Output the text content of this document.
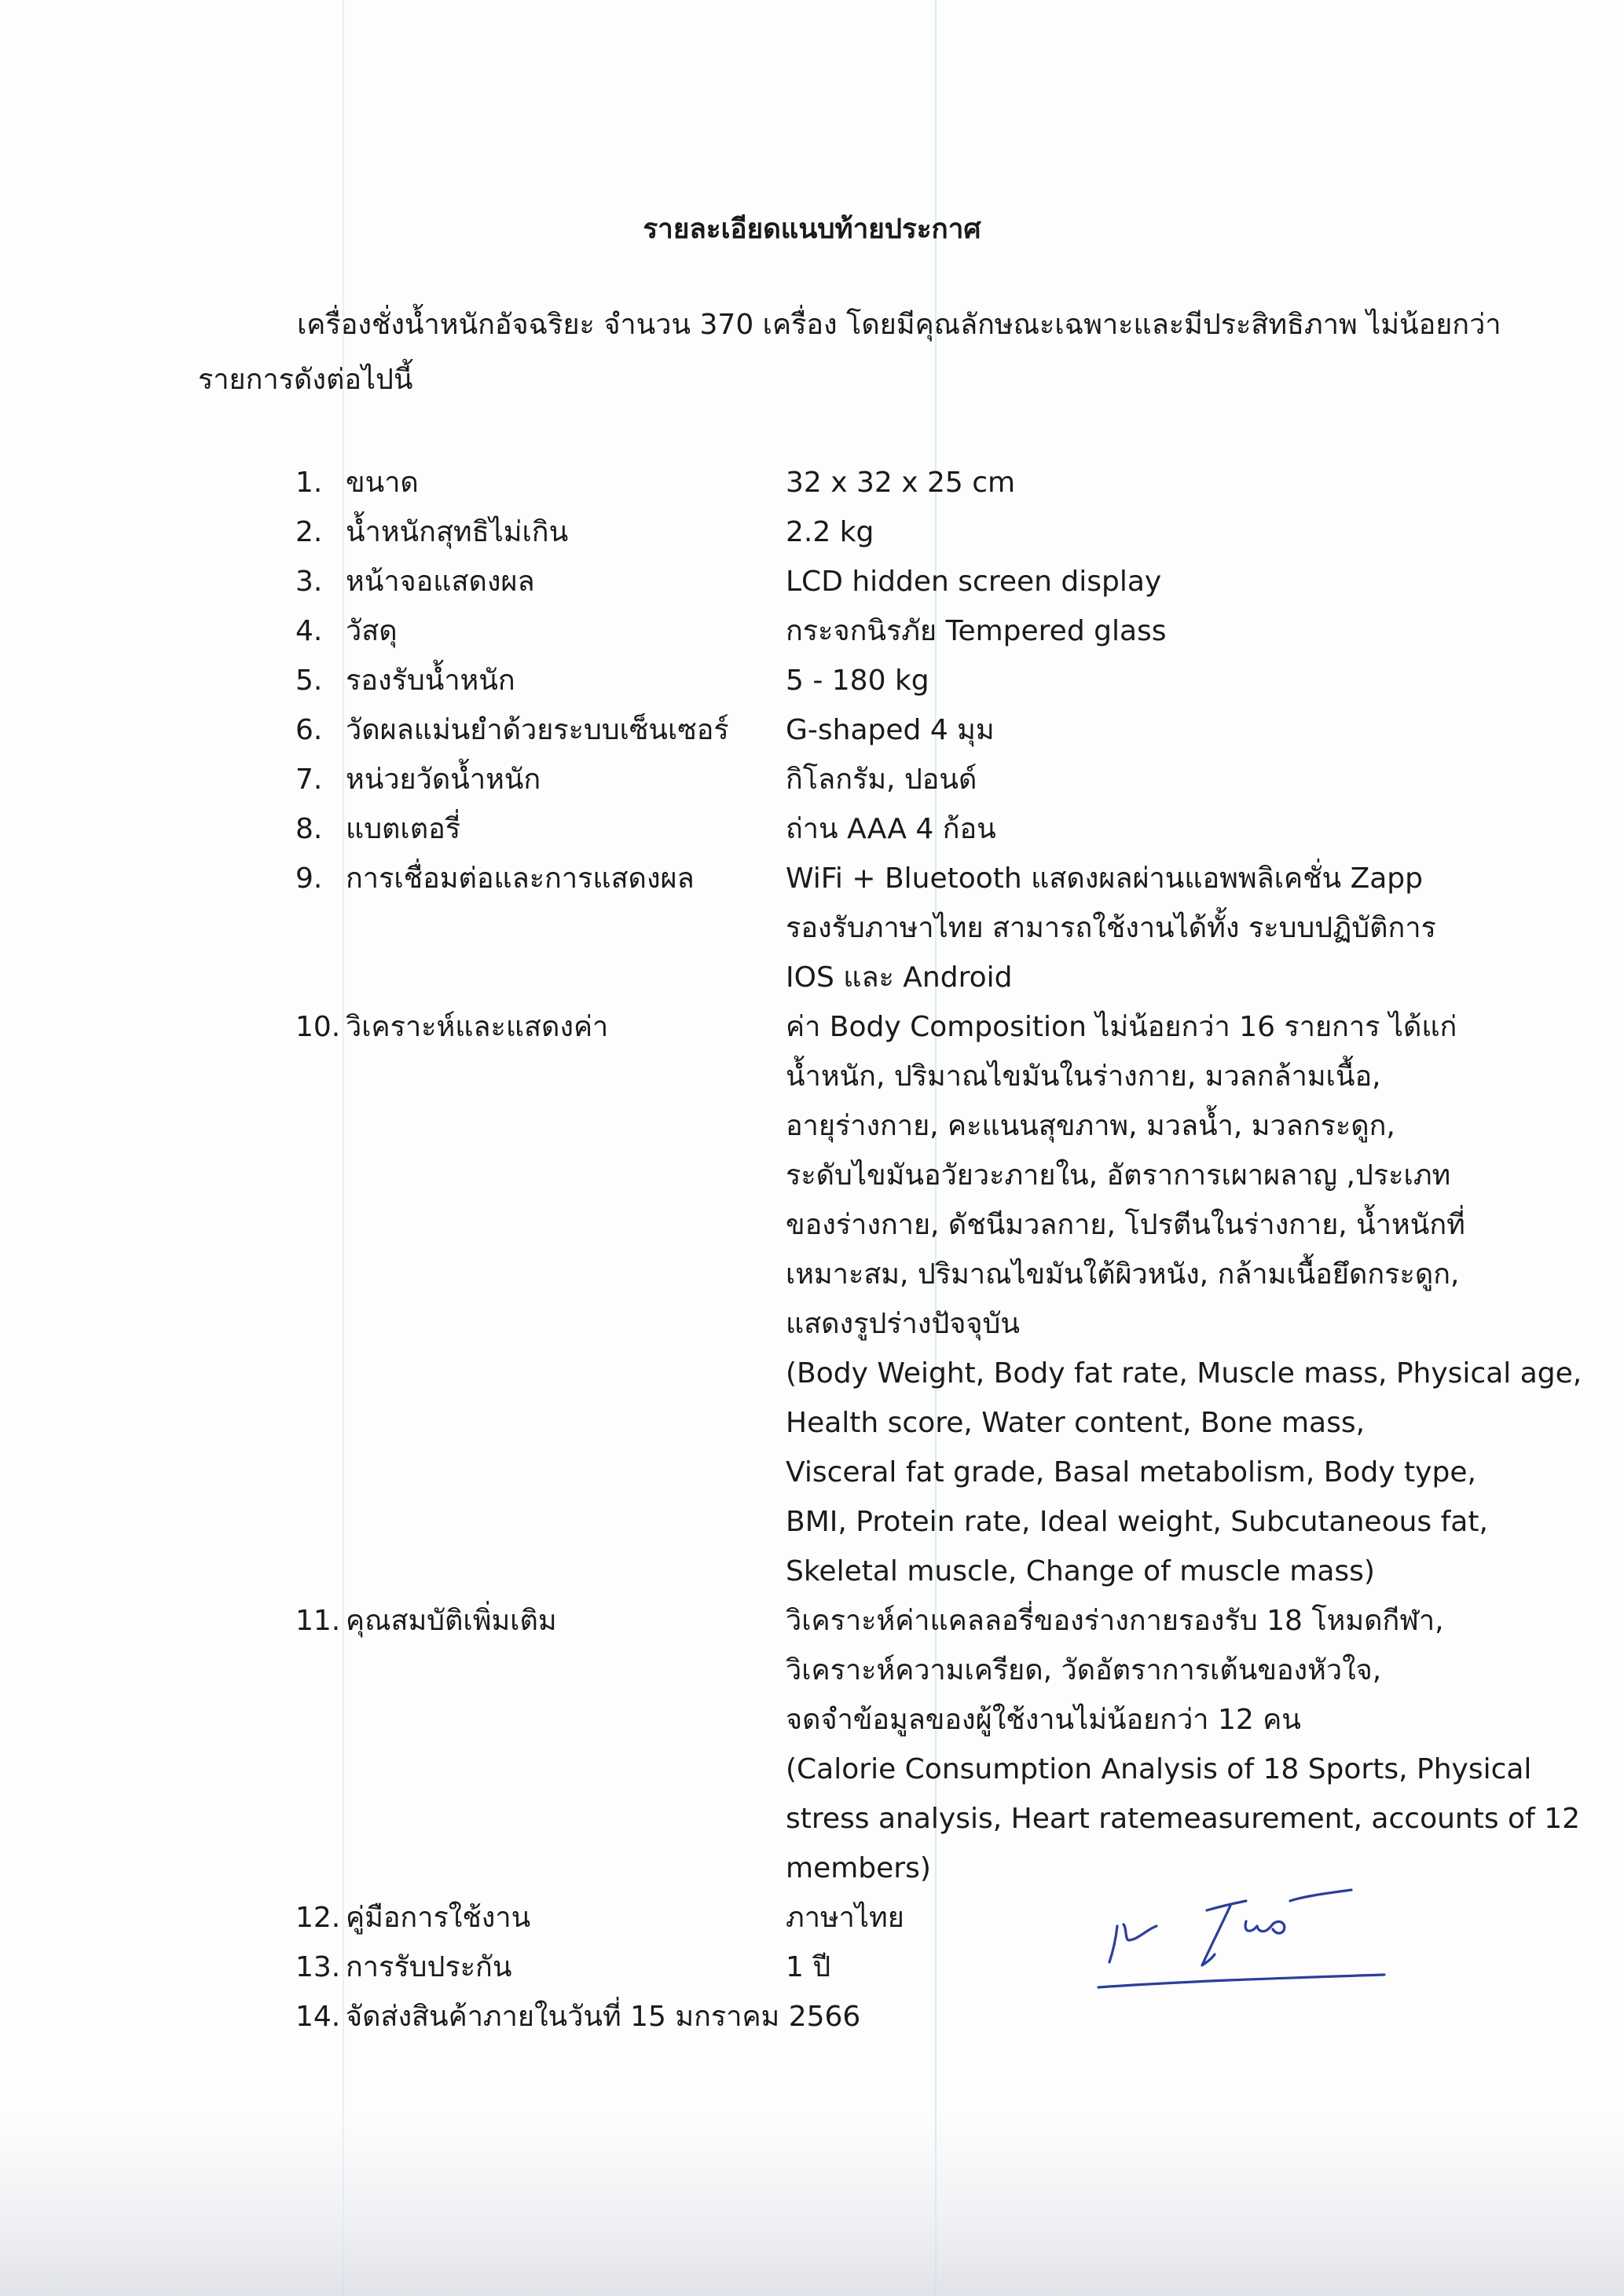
รายละเอียดแนบท้ายประกาศ
เครื่องชั่งน้ำหนักอัจฉริยะ จำนวน 370 เครื่อง โดยมีคุณลักษณะเฉพาะและมีประสิทธิภาพ ไม่น้อยกว่า
รายการดังต่อไปนี้
1. ขนาด	32 x 32 x 25 cm
2. น้ำหนักสุทธิไม่เกิน	2.2 kg
3. หน้าจอแสดงผล	LCD hidden screen display
4. วัสดุ	กระจกนิรภัย Tempered glass
5. รองรับน้ำหนัก	5 - 180 kg
6. วัดผลแม่นยำด้วยระบบเซ็นเซอร์ G-shaped 4 มุม
7. หน่วยวัดน้ำหนัก	กิโลกรัม, ปอนด์
8. แบตเตอรี่	ถ่าน AAA 4 ก้อน
9. การเชื่อมต่อและการแสดงผล	WiFi + Bluetooth แสดงผลผ่านแอพพลิเคชั่น Zapp
รองรับภาษาไทย สามารถใช้งานได้ทั้ง ระบบปฏิบัติการ
IOS และ Android
10. วิเคราะห์และแสดงค่า	ค่า Body Composition ไม่น้อยกว่า 16 รายการ ได้แก่
น้ำหนัก, ปริมาณไขมันในร่างกาย, มวลกล้ามเนื้อ,
อายุร่างกาย, คะแนนสุขภาพ, มวลน้ำ, มวลกระดูก,
ระดับไขมันอวัยวะภายใน, อัตราการเผาผลาญ ,ประเภท
ของร่างกาย, ดัชนีมวลกาย, โปรตีนในร่างกาย, น้ำหนักที่
เหมาะสม, ปริมาณไขมันใต้ผิวหนัง, กล้ามเนื้อยึดกระดูก,
แสดงรูปร่างปัจจุบัน
(Body Weight, Body fat rate, Muscle mass, Physical age,
Health score, Water content, Bone mass,
Visceral fat grade, Basal metabolism, Body type,
BMI, Protein rate, Ideal weight, Subcutaneous fat,
Skeletal muscle, Change of muscle mass)
11. คุณสมบัติเพิ่มเติม	วิเคราะห์ค่าแคลลอรี่ของร่างกายรองรับ 18 โหมดกีฬา,
วิเคราะห์ความเครียด, วัดอัตราการเต้นของหัวใจ,
จดจำข้อมูลของผู้ใช้งานไม่น้อยกว่า 12 คน
(Calorie Consumption Analysis of 18 Sports, Physical
stress analysis, Heart ratemeasurement, accounts of 12
members)
12. คู่มือการใช้งาน	ภาษาไทย
13. การรับประกัน	1 ปี
14. จัดส่งสินค้าภายในวันที่ 15 มกราคม 2566
